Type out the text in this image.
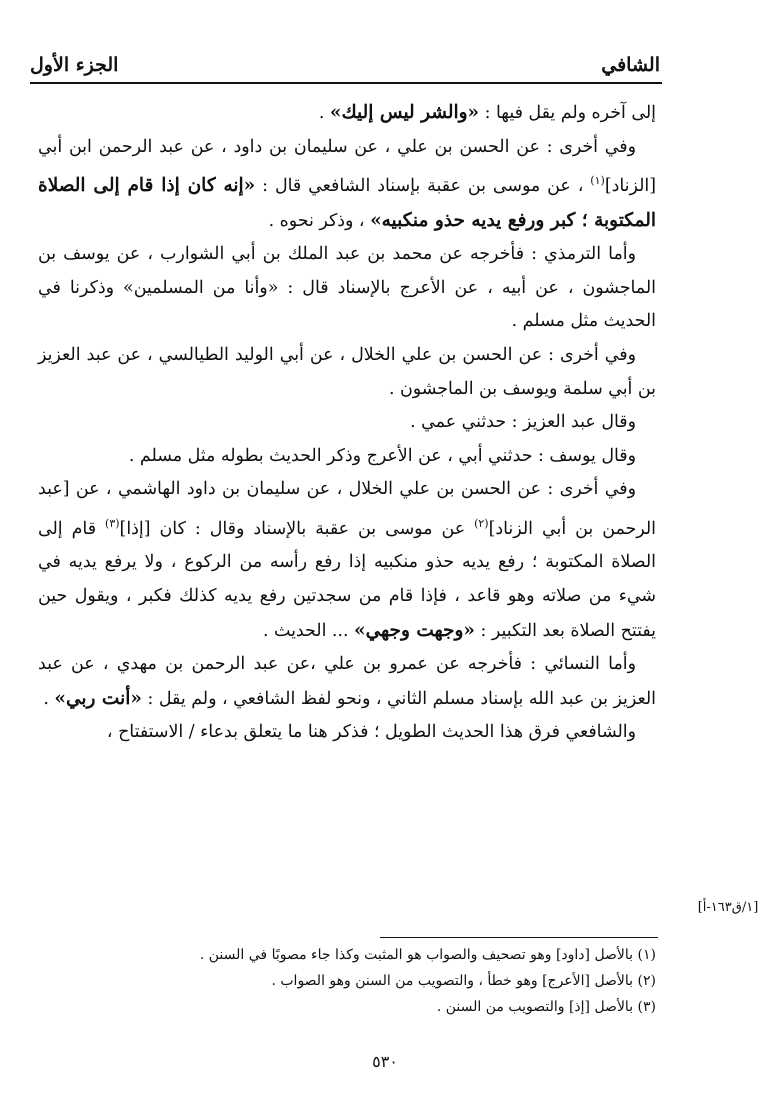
الشافي
الجزء الأول

إلى آخره ولم يقل فيها : «والشر ليس إليك» .

وفي أخرى : عن الحسن بن علي ، عن سليمان بن داود ، عن عبد الرحمن ابن أبي [الزناد]$^{(١)}$ ، عن موسى بن عقبة بإسناد الشافعي قال : «إنه كان إذا قام إلى الصلاة المكتوبة ؛ كبر ورفع يديه حذو منكبيه» ، وذكر نحوه .

وأما الترمذي : فأخرجه عن محمد بن عبد الملك بن أبي الشوارب ، عن يوسف بن الماجشون ، عن أبيه ، عن الأعرج بالإسناد قال : «وأنا من المسلمين» وذكرنا في الحديث مثل مسلم .

وفي أخرى : عن الحسن بن علي الخلال ، عن أبي الوليد الطيالسي ، عن عبد العزيز بن أبي سلمة ويوسف بن الماجشون .

وقال عبد العزيز : حدثني عمي .

وقال يوسف : حدثني أبي ، عن الأعرج وذكر الحديث بطوله مثل مسلم .

وفي أخرى : عن الحسن بن علي الخلال ، عن سليمان بن داود الهاشمي ، عن [عبد الرحمن بن أبي الزناد]$^{(٢)}$ عن موسى بن عقبة بالإسناد وقال : كان [إذا]$^{(٣)}$ قام إلى الصلاة المكتوبة ؛ رفع يديه حذو منكبيه إذا رفع رأسه من الركوع ، ولا يرفع يديه في شيء من صلاته وهو قاعد ، فإذا قام من سجدتين رفع يديه كذلك فكبر ، ويقول حين يفتتح الصلاة بعد التكبير : «وجهت وجهي» ... الحديث .

وأما النسائي : فأخرجه عن عمرو بن علي ،عن عبد الرحمن بن مهدي ، عن عبد العزيز بن عبد الله بإسناد مسلم الثاني ، ونحو لفظ الشافعي ، ولم يقل : «أنت ربي» .

والشافعي فرق هذا الحديث الطويل ؛ فذكر هنا ما يتعلق بدعاء / الاستفتاح ،

[١/ق١٦٣-أ]

(١) بالأصل [داود] وهو تصحيف والصواب هو المثبت وكذا جاء مصوبًا في السنن .

(٢) بالأصل [الأعرج] وهو خطأ ، والتصويب من السنن وهو الصواب .

(٣) بالأصل [إذ] والتصويب من السنن .

٥٣٠
